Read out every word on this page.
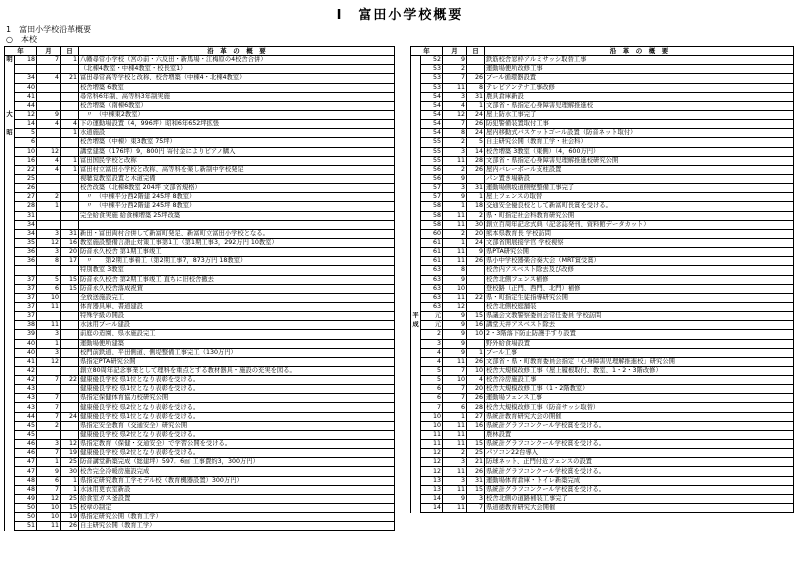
Ⅰ　富田小学校概要
1　富田小学校沿革概要
○　本校
年		月	日	沿　革　の　概　要
明	18	7	1	八幡尋常小学校（宮の前・六反田・新馬場・江梅原の4校舎合併）
				（北棟4教室・中棟4教室・校長室1）
	34	4	21	富田尋常高等学校と改称、校舎増築（中棟4・北棟4教室）
	40			校舎増築 6教室
	41			尋常科6年制、高等科3年制実施
	44			校舎増築（南棟6教室）
大	12	9		　〃　（中棟東2教室）
	14	4	4	下の運動場設置（4，996坪）昭和6年652坪拡張
昭	5		1	水道施設
	6			校舎増築（中棟）東3教室 75坪）
	10	12		講堂建築（176坪）9，800円 寄付金によりピアノ購入
	16	4	1	富田国民学校と改称
	22	4	1	富田村立富田小学校と改称、高等科を楽し新制中学校発足
	25			視聴覚教室設置と木道完備
	26			校舎改築（北棟8教室 204坪 文部省規格）
	27	2		　〃　（中棟平分西2階建 245坪 8教室）
	28	1		　〃　（中棟平分西2階建 245坪 8教室）
	31			完全給食実施 給食棟増築 25坪改築
	34			
	34	3	31	新田・富田両村合併して新富町発足、新富町立富田小学校となる。
	35	12	16	教室施設整備言語止対策工事第1工（第1期工事3，292万円 10教室）
	36	3	20	防音永久校舎 第1期工事竣工
	36	8	17	　〃　　第2期工事着工（第2期工事7，873万円 18教室）
				特別教室 3教室
	37	5	15	防音永久校舎 第2期工事竣工 直ちに旧校舎撤去
	37	6	15	防音永久校舎落成祝賀
	37	10		全放送施設完工
	37	11		体育器具庫、書道建設
	37			特殊学級の開設
	38	11		水泳用プール建設
	39	3		前庭の造園、県水施設完工
	40	1		運動場便所建築
	40	3		校門前鉄道、平田側道、側堤整備工事完工（130万円）
	41	12		県指定PTA研究公開
	42			創立80周年記念事業として理科を重点とする教材器具・施設の充実を図る。
	42	7	22	健康優良学校 県1位となり表彰を受ける。
	43			健康優良学校 県1位となり表彰を受ける。
	43	7		県指定保健体育協力校研究公開
	43	7		健康優良学校 県2位となり表彰を受ける。
	44	7	24	健康優良学校 県1位となり表彰を受ける。
	45	2		県指定安全教育（交通安全）研究公開
	45			健康優良学校 県2位となり表彰を受ける。
	46	3	12	県指定教育（保健・交通安全）で学習公開を受ける。
	46	7	19	健康優良学校 県2位となり表彰を受ける。
	47	1	25	防音講堂新築完成（総建坪）597．6㎡ 工事費約3，300万円）
	47	9	30	校舎完全冷暖房施設完成
	48	6	1	県指定研究教育工学モデル校（教育機器設置）300万円）
	48	7	1	水泳用更衣室新設
	49	12	25	給食室ガス釜設置
	50	10	15	校章の制定
	50	10	19	県指定研究公開（教育工学）
	51	11	26	自主研究公開（教育工学）
年		月	日	沿　革　の　概　要
	52	9		鉄筋校舎窓枠アルミサッシ取替工事
	53	2		運動場便所改修工事
	53	7	26	プール循環器設置
	53	11	8	テレビアンテナ工事改修
	54	3	31	農具倉庫新設
	54	4	1	文部省・県指定心身障害児理解推進校
	54	12	24	屋上防水工事完了
	54	7	26	防犯警備装置取付工事
	54	8	24	屋内移動式バスケットゴール設置（防音ネット取付）
	55	2	5	自主研究公開（教育工学・社会科）
	55	3	14	校舎増築 3教室（東側）（4，600万円）
	55	11	28	文部省・県指定心身障害児理解推進校研究公開
	56	2	26	屋内バレーボール支柱設置
	56	9		パン置き場新設
	57	3	31	運動場側坂道側壁整備工事完了
	57	9	1	屋上フェンスの取替
	58	1	18	交通安全優良校として新富町長賞を受ける。
	58	11	2	県・町指定社会科教育研究公開
	58	11	30	創立百周年記念式典（記念誌発刊、資料館データカット）
	60	2	20	熊本県教育長 学校訪問
	61	1	24	文部省開展接学官 学校視察
	61	11	9	県PTA研究公開
	61	11	26	県小中学校器楽合奏大会（MRT賞受賞）
	63	8		校舎内アスベスト除去及び改修
	63	9		校舎北側フェンス補修
	63	10		登校路（正門、西門、北門）補修
	63	11	22	県・町指定生徒指導研究公開
	63	12		校舎北側校庭舗装
平	元	9	15	県議会文教警察委員会常任委員 学校訪問
成	元	9	16	講堂天井アスベスト除去
	2	9	10	2・3階落下防止防護手すり設置
	3	9		野外給食場設置
	4	9	1	プール工事
	4	11	26	文部省・県・町教育委員会指定「心身障害児理解推進校」研究公開
	5	7	10	校舎大規模改修工事（屋上履根取付、教室、1・2・3階改修）
	5	10	4	校舎冷房施設工事
	6	7	20	校舎大規模改修工事（1・2階教室）
	6	7	26	運動場フェンス工事
	7	6	28	校舎大規模改修工事（防音サッシ取替）
	10	1	27	県統計教育研究大会の開催
	10	11	16	県統計グラフコンクール学校賞を受ける。
	11	11		農林設置
	11	11	15	県統計グラフコンクール学校賞を受ける。
	12	2	25	パソコン22台導入
	12	3	21	防球ネット、正門付近フェンスの設置
	12	11	26	県統計グラフコンクール学校賞を受ける。
	13	3	31	運動場体育倉庫・トイレ新築完成
	13	11	15	県統計グラフコンクール学校賞を受ける。
	14	9	3	校舎北側の道路補装工事完了
	14	11	7	県道徳教育研究大会開催
